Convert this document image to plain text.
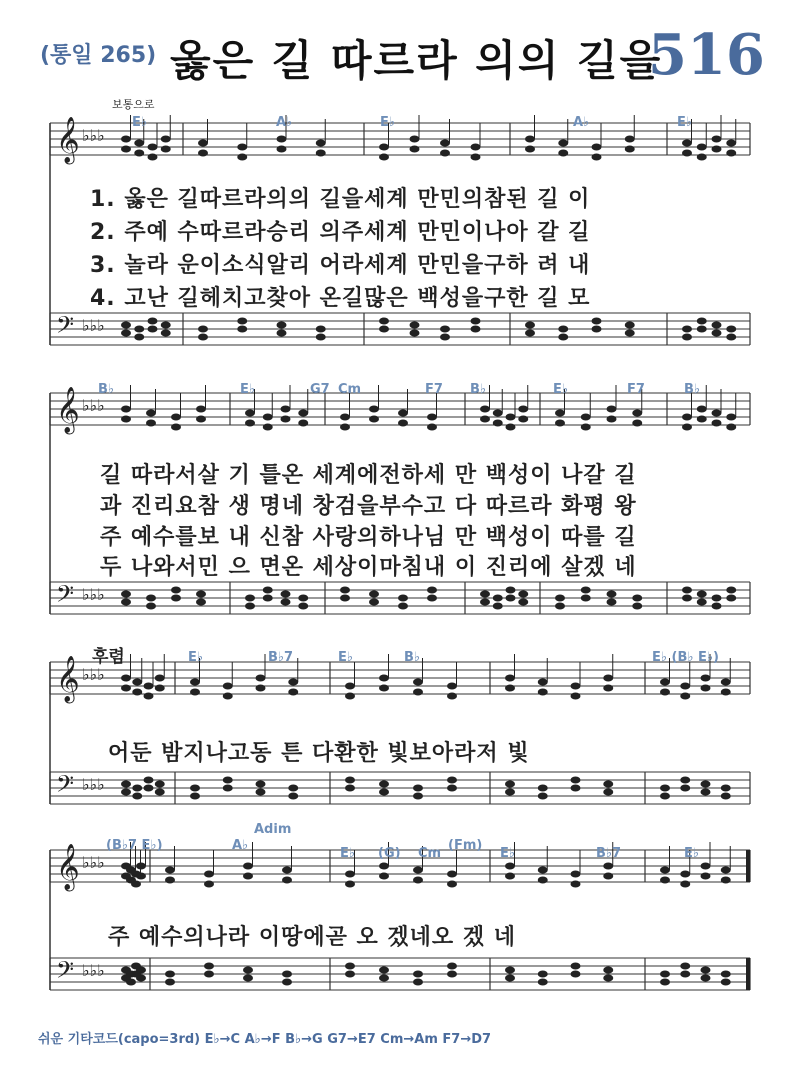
(통일 265) 옳은 길 따르라 의의 길을
516
보통으로
𝄞 ♭♭♭
𝄢 ♭♭♭
𝄞 ♭♭♭
𝄢 ♭♭♭
𝄞 ♭♭♭
𝄢 ♭♭♭
𝄞 ♭♭♭
𝄢 ♭♭♭
E♭	A♭	E♭	A♭	E♭
1. 옳은 길따르라의의 길을세계 만민의참된 길 이
2. 주예 수따르라승리 의주세계 만민이나아 갈 길
3. 놀라 운이소식알리 어라세계 만민을구하 려 내
4. 고난 길헤치고찾아 온길많은 백성을구한 길 모
B♭	E♭	G7 Cm	F7 B♭	E♭	F7	B♭
길 따라서살 기 틀온 세계에전하세 만 백성이 나갈 길
과 진리요참 생 명네 창검을부수고 다 따르라 화평 왕
주 예수를보 내 신참 사랑의하나님 만 백성이 따를 길
두 나와서민 으 면온 세상이마침내 이 진리에 살겠 네
후렴	E♭	B♭7	E♭	B♭	E♭ (B♭ E♭)
어둔 밤지나고동 튼 다환한 빛보아라저 빛
(B♭7 E♭)	A♭
Adim
E♭ (G) Cm
(Fm)
E♭	B♭7	E♭
주 예수의나라 이땅에곧 오 겠네오 겠 네
쉬운 기타코드(capo=3rd) E♭→C A♭→F B♭→G G7→E7 Cm→Am F7→D7
